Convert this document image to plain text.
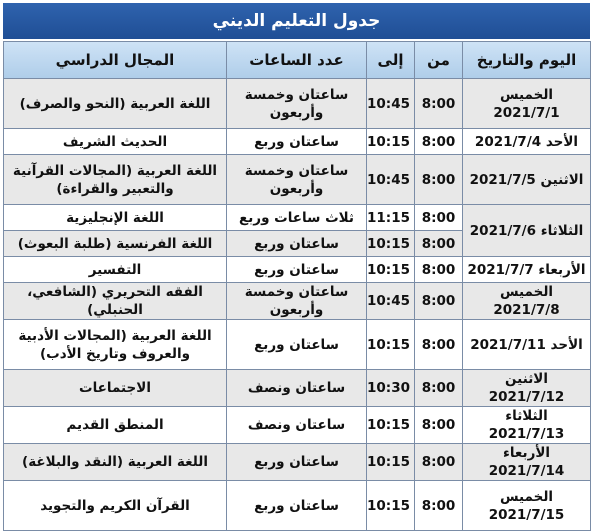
جدول التعليم الديني
اليوم والتاريخ	من	إلى	عدد الساعات	المجال الدراسي
الخميس 2021/7/1	8:00	10:45	ساعتان وخمسة وأربعون	اللغة العربية (النحو والصرف)
الأحد 2021/7/4	8:00	10:15	ساعتان وربع	الحديث الشريف
الاثنين 2021/7/5	8:00	10:45	ساعتان وخمسة وأربعون	اللغة العربية (المجالات القرآنية والتعبير والقراءة)
الثلاثاء 2021/7/6	8:00	11:15	ثلاث ساعات وربع	اللغة الإنجليزية
	8:00	10:15	ساعتان وربع	اللغة الفرنسية (طلبة البعوث)
الأربعاء 2021/7/7	8:00	10:15	ساعتان وربع	التفسير
الخميس 2021/7/8	8:00	10:45	ساعتان وخمسة وأربعون	الفقه التحريري (الشافعي، الحنبلي)
الأحد 2021/7/11	8:00	10:15	ساعتان وربع	اللغة العربية (المجالات الأدبية والعروف وتاريخ الأدب)
الاثنين 2021/7/12	8:00	10:30	ساعتان ونصف	الاجتماعات
الثلاثاء 2021/7/13	8:00	10:15	ساعتان ونصف	المنطق القديم
الأربعاء 2021/7/14	8:00	10:15	ساعتان وربع	اللغة العربية (النقد والبلاغة)
الخميس 2021/7/15	8:00	10:15	ساعتان وربع	القرآن الكريم والتجويد
